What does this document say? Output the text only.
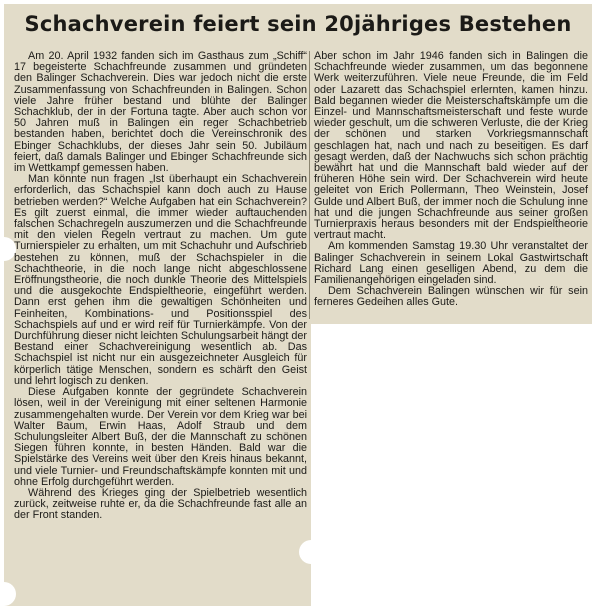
Schachverein feiert sein 20jähriges Bestehen

Am 20. April 1932 fanden sich im Gasthaus zum „Schiff“ 17 begeisterte Schachfreunde zusammen und gründeten den Balinger Schachverein. Dies war jedoch nicht die erste Zusammenfassung von Schachfreunden in Balingen. Schon viele Jahre früher bestand und blühte der Balinger Schachklub, der in der Fortuna tagte. Aber auch schon vor 50 Jahren muß in Balingen ein reger Schachbetrieb bestanden haben, berichtet doch die Vereinschronik des Ebinger Schachklubs, der dieses Jahr sein 50. Jubiläum feiert, daß damals Balinger und Ebinger Schachfreunde sich im Wettkampf gemessen haben.

Man könnte nun fragen „Ist überhaupt ein Schachverein erforderlich, das Schachspiel kann doch auch zu Hause betrieben werden?“ Welche Aufgaben hat ein Schachverein? Es gilt zuerst einmal, die immer wieder auftauchenden falschen Schachregeln auszumerzen und die Schachfreunde mit den vielen Regeln vertraut zu machen. Um gute Turnierspieler zu erhalten, um mit Schachuhr und Aufschrieb bestehen zu können, muß der Schachspieler in die Schachtheorie, in die noch lange nicht abgeschlossene Eröffnungstheorie, die noch dunkle Theorie des Mittelspiels und die ausgekochte Endspieltheorie, eingeführt werden. Dann erst gehen ihm die gewaltigen Schönheiten und Feinheiten, Kombinations- und Positionsspiel des Schachspiels auf und er wird reif für Turnierkämpfe. Von der Durchführung dieser nicht leichten Schulungsarbeit hängt der Bestand einer Schachvereinigung wesentlich ab. Das Schachspiel ist nicht nur ein ausgezeichneter Ausgleich für körperlich tätige Menschen, sondern es schärft den Geist und lehrt logisch zu denken.

Diese Aufgaben konnte der gegründete Schachverein lösen, weil in der Vereinigung mit einer seltenen Harmonie zusammengehalten wurde. Der Verein vor dem Krieg war bei Walter Baum, Erwin Haas, Adolf Straub und dem Schulungsleiter Albert Buß, der die Mannschaft zu schönen Siegen führen konnte, in besten Händen. Bald war die Spielstärke des Vereins weit über den Kreis hinaus bekannt, und viele Turnier- und Freundschaftskämpfe konnten mit und ohne Erfolg durchgeführt werden.

Während des Krieges ging der Spielbetrieb wesentlich zurück, zeitweise ruhte er, da die Schachfreunde fast alle an der Front standen.

Aber schon im Jahr 1946 fanden sich in Balingen die Schachfreunde wieder zusammen, um das begonnene Werk weiterzuführen. Viele neue Freunde, die im Feld oder Lazarett das Schachspiel erlernten, kamen hinzu. Bald begannen wieder die Meisterschaftskämpfe um die Einzel- und Mannschaftsmeisterschaft und feste wurde wieder geschult, um die schweren Verluste, die der Krieg der schönen und starken Vorkriegsmannschaft geschlagen hat, nach und nach zu beseitigen. Es darf gesagt werden, daß der Nachwuchs sich schon prächtig bewährt hat und die Mannschaft bald wieder auf der früheren Höhe sein wird. Der Schachverein wird heute geleitet von Erich Pollermann, Theo Weinstein, Josef Gulde und Albert Buß, der immer noch die Schulung inne hat und die jungen Schachfreunde aus seiner großen Turnierpraxis heraus besonders mit der Endspieltheorie vertraut macht.

Am kommenden Samstag 19.30 Uhr veranstaltet der Balinger Schachverein in seinem Lokal Gastwirtschaft Richard Lang einen geselligen Abend, zu dem die Familienangehörigen eingeladen sind.

Dem Schachverein Balingen wünschen wir für sein ferneres Gedeihen alles Gute.
